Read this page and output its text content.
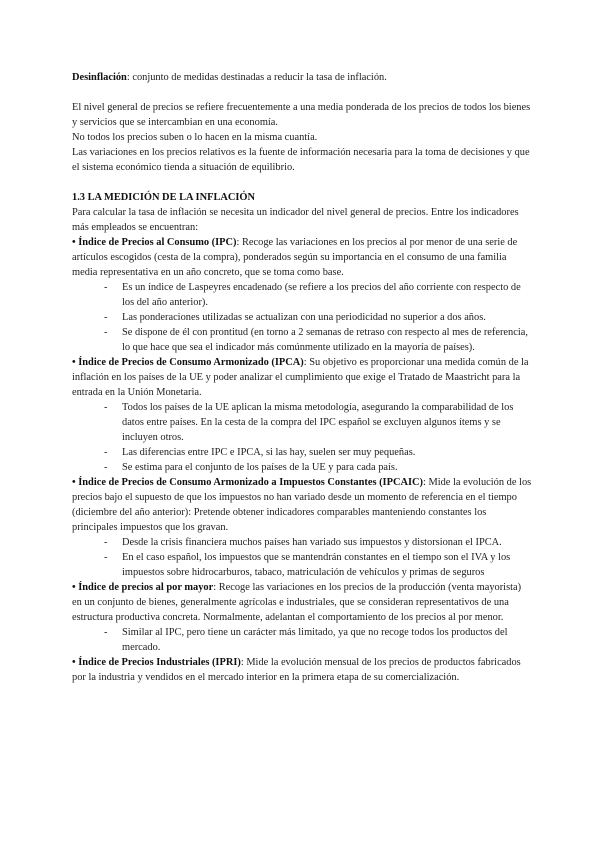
Desinflación: conjunto de medidas destinadas a reducir la tasa de inflación.

El nivel general de precios se refiere frecuentemente a una media ponderada de los precios de todos los bienes y servicios que se intercambian en una economía.

No todos los precios suben o lo hacen en la misma cuantía.

Las variaciones en los precios relativos es la fuente de información necesaria para la toma de decisiones y que el sistema económico tienda a situación de equilibrio.

1.3 LA MEDICIÓN DE LA INFLACIÓN

Para calcular la tasa de inflación se necesita un indicador del nivel general de precios. Entre los indicadores más empleados se encuentran:

• Índice de Precios al Consumo (IPC): Recoge las variaciones en los precios al por menor de una serie de artículos escogidos (cesta de la compra), ponderados según su importancia en el consumo de una familia media representativa en un año concreto, que se toma como base.

- Es un índice de Laspeyres encadenado (se refiere a los precios del año corriente con respecto de los del año anterior).
- Las ponderaciones utilizadas se actualizan con una periodicidad no superior a dos años.
- Se dispone de él con prontitud (en torno a 2 semanas de retraso con respecto al mes de referencia, lo que hace que sea el indicador más comúnmente utilizado en la mayoría de países).

• Índice de Precios de Consumo Armonizado (IPCA): Su objetivo es proporcionar una medida común de la inflación en los países de la UE y poder analizar el cumplimiento que exige el Tratado de Maastricht para la entrada en la Unión Monetaria.

- Todos los países de la UE aplican la misma metodología, asegurando la comparabilidad de los datos entre países. En la cesta de la compra del IPC español se excluyen algunos ítems y se incluyen otros.
- Las diferencias entre IPC e IPCA, si las hay, suelen ser muy pequeñas.
- Se estima para el conjunto de los países de la UE y para cada país.

• Índice de Precios de Consumo Armonizado a Impuestos Constantes (IPCAIC): Mide la evolución de los precios bajo el supuesto de que los impuestos no han variado desde un momento de referencia en el tiempo (diciembre del año anterior): Pretende obtener indicadores comparables manteniendo constantes los principales impuestos que los gravan.

- Desde la crisis financiera muchos países han variado sus impuestos y distorsionan el IPCA.
- En el caso español, los impuestos que se mantendrán constantes en el tiempo son el IVA y los impuestos sobre hidrocarburos, tabaco, matriculación de vehículos y primas de seguros

• Índice de precios al por mayor: Recoge las variaciones en los precios de la producción (venta mayorista) en un conjunto de bienes, generalmente agrícolas e industriales, que se consideran representativos de una estructura productiva concreta. Normalmente, adelantan el comportamiento de los precios al por menor.

- Similar al IPC, pero tiene un carácter más limitado, ya que no recoge todos los productos del mercado.

• Índice de Precios Industriales (IPRI): Mide la evolución mensual de los precios de productos fabricados por la industria y vendidos en el mercado interior en la primera etapa de su comercialización.
